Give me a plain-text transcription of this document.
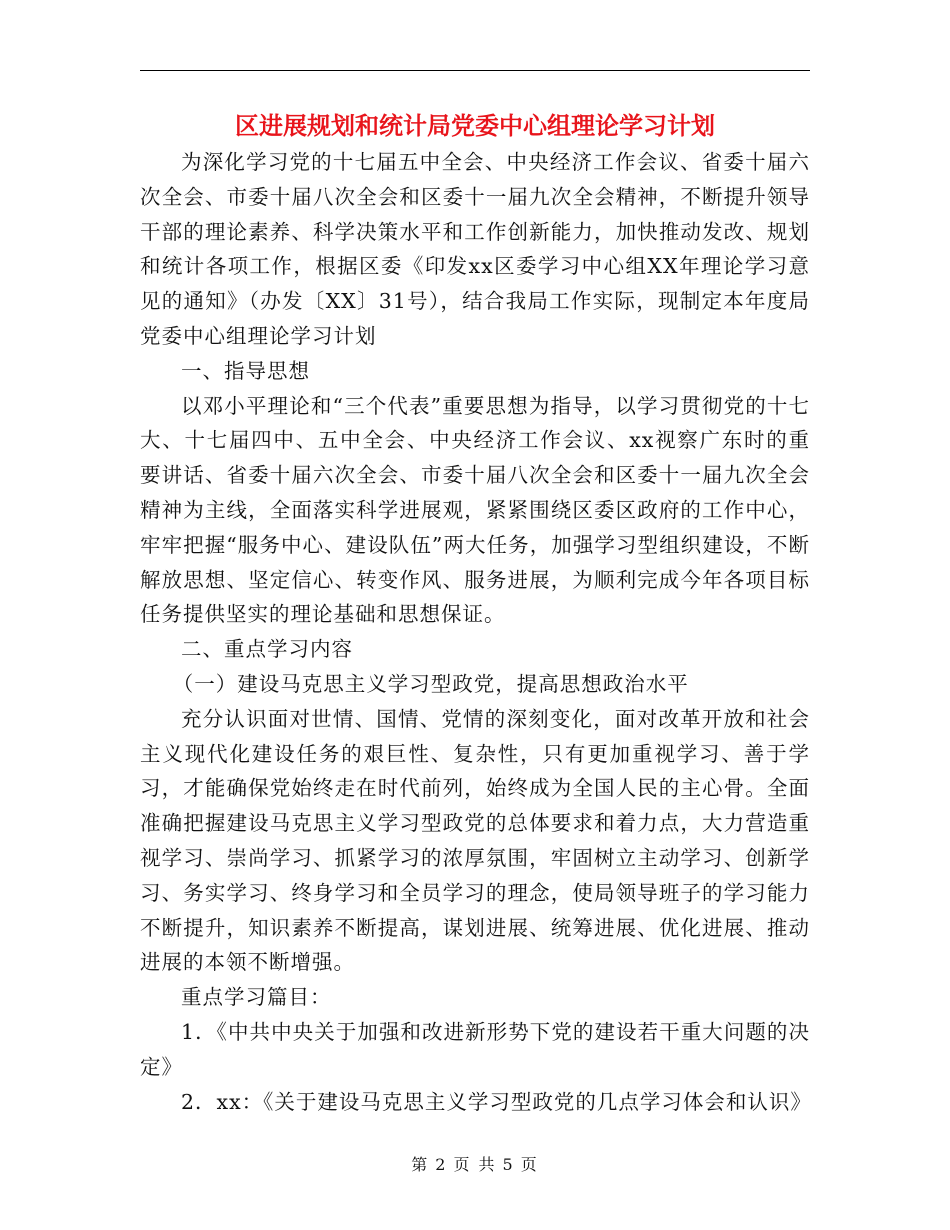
区进展规划和统计局党委中心组理论学习计划

为深化学习党的十七届五中全会、中央经济工作会议、省委十届六次全会、市委十届八次全会和区委十一届九次全会精神，不断提升领导干部的理论素养、科学决策水平和工作创新能力，加快推动发改、规划和统计各项工作，根据区委《印发xx区委学习中心组XX年理论学习意见的通知》（办发〔XX〕31号），结合我局工作实际，现制定本年度局党委中心组理论学习计划

一、指导思想

以邓小平理论和“三个代表”重要思想为指导，以学习贯彻党的十七大、十七届四中、五中全会、中央经济工作会议、xx视察广东时的重要讲话、省委十届六次全会、市委十届八次全会和区委十一届九次全会精神为主线，全面落实科学进展观，紧紧围绕区委区政府的工作中心，牢牢把握“服务中心、建设队伍”两大任务，加强学习型组织建设，不断解放思想、坚定信心、转变作风、服务进展，为顺利完成今年各项目标任务提供坚实的理论基础和思想保证。

二、重点学习内容

（一）建设马克思主义学习型政党，提高思想政治水平

充分认识面对世情、国情、党情的深刻变化，面对改革开放和社会主义现代化建设任务的艰巨性、复杂性，只有更加重视学习、善于学习，才能确保党始终走在时代前列，始终成为全国人民的主心骨。全面准确把握建设马克思主义学习型政党的总体要求和着力点，大力营造重视学习、崇尚学习、抓紧学习的浓厚氛围，牢固树立主动学习、创新学习、务实学习、终身学习和全员学习的理念，使局领导班子的学习能力不断提升，知识素养不断提高，谋划进展、统筹进展、优化进展、推动进展的本领不断增强。

重点学习篇目：

1．《中共中央关于加强和改进新形势下党的建设若干重大问题的决定》

2．xx：《关于建设马克思主义学习型政党的几点学习体会和认识》

第 2 页 共 5 页
